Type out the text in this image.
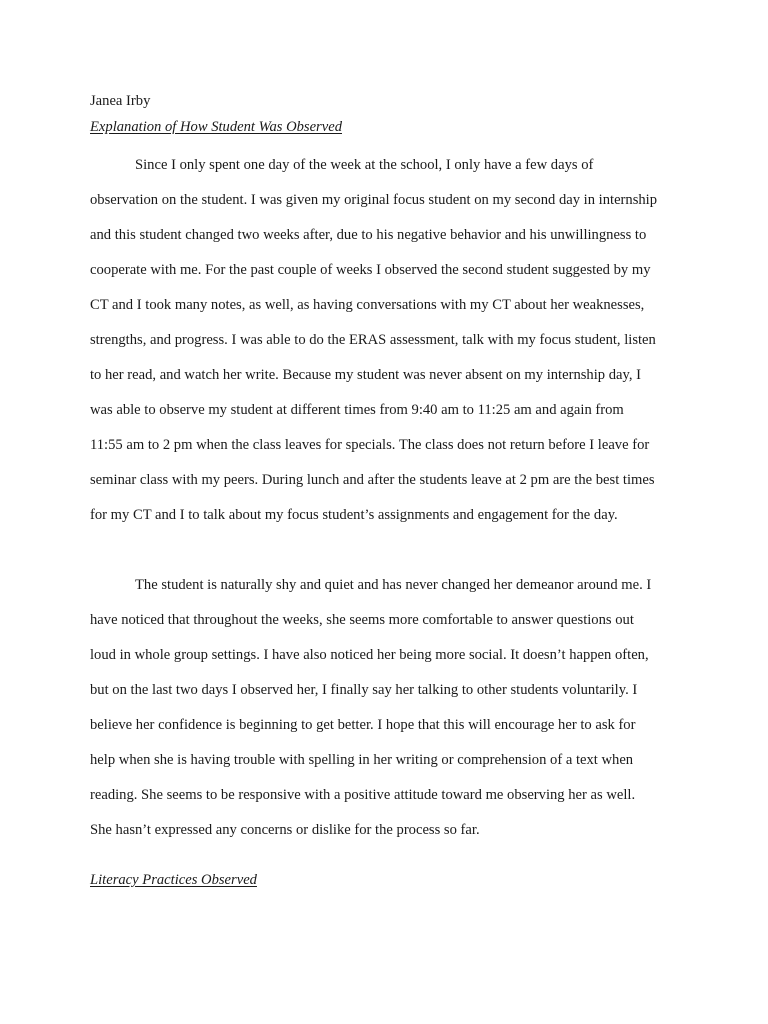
Janea Irby
Explanation of How Student Was Observed
Since I only spent one day of the week at the school, I only have a few days of
observation on the student. I was given my original focus student on my second day in internship
and this student changed two weeks after, due to his negative behavior and his unwillingness to
cooperate with me. For the past couple of weeks I observed the second student suggested by my
CT and I took many notes, as well, as having conversations with my CT about her weaknesses,
strengths, and progress. I was able to do the ERAS assessment, talk with my focus student, listen
to her read, and watch her write. Because my student was never absent on my internship day, I
was able to observe my student at different times from 9:40 am to 11:25 am and again from
11:55 am to 2 pm when the class leaves for specials. The class does not return before I leave for
seminar class with my peers. During lunch and after the students leave at 2 pm are the best times
for my CT and I to talk about my focus student’s assignments and engagement for the day.
The student is naturally shy and quiet and has never changed her demeanor around me. I
have noticed that throughout the weeks, she seems more comfortable to answer questions out
loud in whole group settings. I have also noticed her being more social. It doesn’t happen often,
but on the last two days I observed her, I finally say her talking to other students voluntarily. I
believe her confidence is beginning to get better. I hope that this will encourage her to ask for
help when she is having trouble with spelling in her writing or comprehension of a text when
reading. She seems to be responsive with a positive attitude toward me observing her as well.
She hasn’t expressed any concerns or dislike for the process so far.
Literacy Practices Observed
